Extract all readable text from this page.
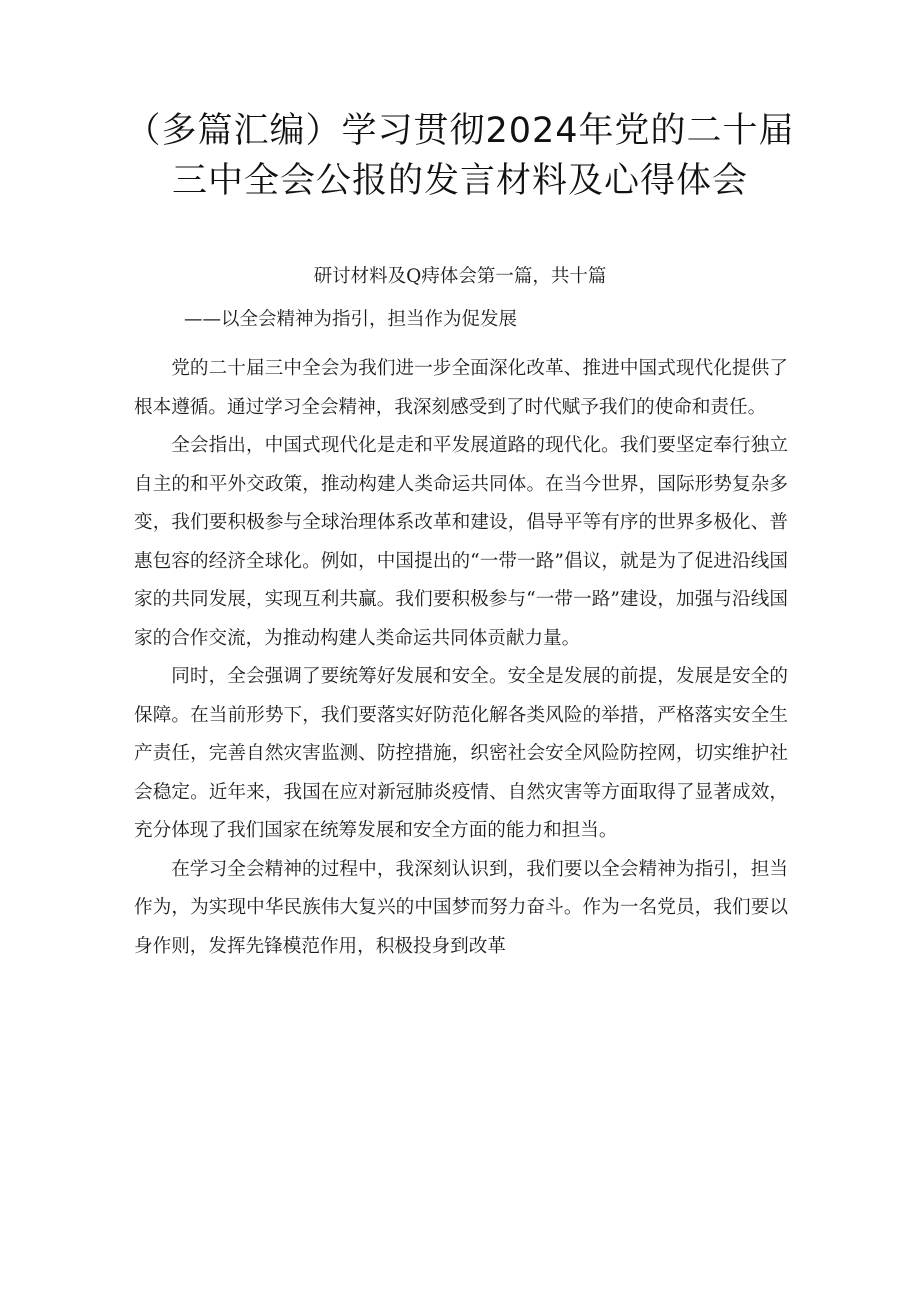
（多篇汇编）学习贯彻2024年党的二十届
三中全会公报的发言材料及心得体会
研讨材料及Q痔体会第一篇，共十篇
——以全会精神为指引，担当作为促发展

党的二十届三中全会为我们进一步全面深化改革、推进中国式现代化提供了根本遵循。通过学习全会精神，我深刻感受到了时代赋予我们的使命和责任。

全会指出，中国式现代化是走和平发展道路的现代化。我们要坚定奉行独立自主的和平外交政策，推动构建人类命运共同体。在当今世界，国际形势复杂多变，我们要积极参与全球治理体系改革和建设，倡导平等有序的世界多极化、普惠包容的经济全球化。例如，中国提出的“一带一路”倡议，就是为了促进沿线国家的共同发展，实现互利共赢。我们要积极参与“一带一路”建设，加强与沿线国家的合作交流，为推动构建人类命运共同体贡献力量。

同时，全会强调了要统筹好发展和安全。安全是发展的前提，发展是安全的保障。在当前形势下，我们要落实好防范化解各类风险的举措，严格落实安全生产责任，完善自然灾害监测、防控措施，织密社会安全风险防控网，切实维护社会稳定。近年来，我国在应对新冠肺炎疫情、自然灾害等方面取得了显著成效，充分体现了我们国家在统筹发展和安全方面的能力和担当。

在学习全会精神的过程中，我深刻认识到，我们要以全会精神为指引，担当作为，为实现中华民族伟大复兴的中国梦而努力奋斗。作为一名党员，我们要以身作则，发挥先锋模范作用，积极投身到改革
